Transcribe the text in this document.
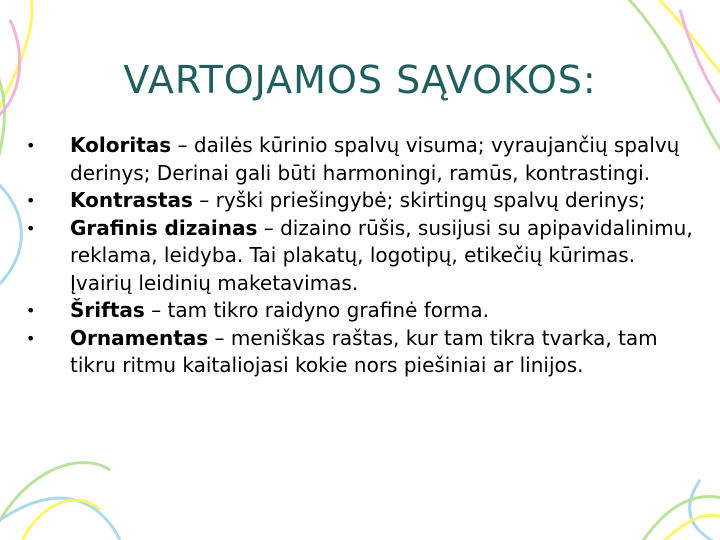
VARTOJAMOS SĄVOKOS:
•	Koloritas – dailės kūrinio spalvų visuma; vyraujančių spalvų derinys; Derinai gali būti harmoningi, ramūs, kontrastingi.
•	Kontrastas – ryški priešingybė; skirtingų spalvų derinys;
•	Grafinis dizainas – dizaino rūšis, susijusi su apipavidalinimu, reklama, leidyba. Tai plakatų, logotipų, etikečių kūrimas. Įvairių leidinių maketavimas.
•	Šriftas – tam tikro raidyno grafinė forma.
•	Ornamentas – meniškas raštas, kur tam tikra tvarka, tam tikru ritmu kaitaliojasi kokie nors piešiniai ar linijos.
